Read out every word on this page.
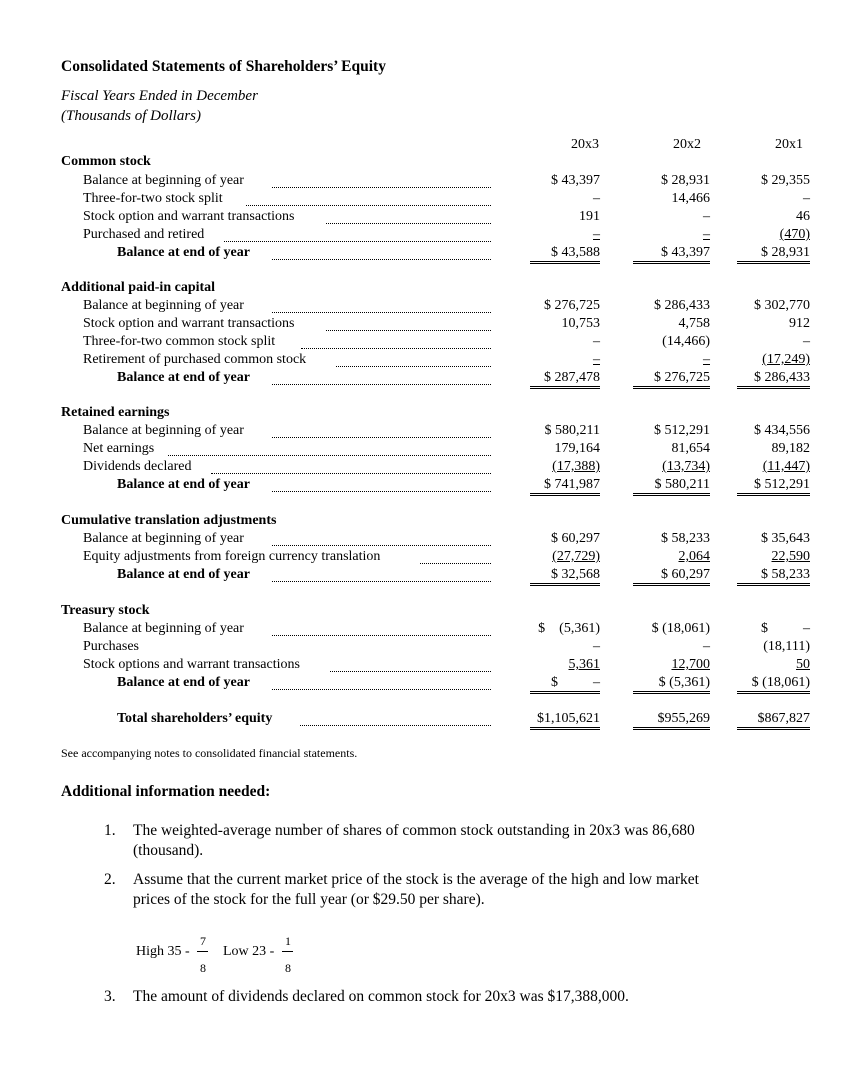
Consolidated Statements of Shareholders’ Equity
Fiscal Years Ended in December
(Thousands of Dollars)
20x3	20x2	20x1
Common stock
Balance at beginning of year	$ 43,397	$ 28,931	$ 29,355
Three-for-two stock split	–	14,466	–
Stock option and warrant transactions	191	–	46
Purchased and retired	–	–	(470)
Balance at end of year	$ 43,588	$ 43,397	$ 28,931
Additional paid-in capital
Balance at beginning of year	$ 276,725	$ 286,433	$ 302,770
Stock option and warrant transactions	10,753	4,758	912
Three-for-two common stock split	–	(14,466)	–
Retirement of purchased common stock	–	–	(17,249)
Balance at end of year	$ 287,478	$ 276,725	$ 286,433
Retained earnings
Balance at beginning of year	$ 580,211	$ 512,291	$ 434,556
Net earnings	179,164	81,654	89,182
Dividends declared	(17,388)	(13,734)	(11,447)
Balance at end of year	$ 741,987	$ 580,211	$ 512,291
Cumulative translation adjustments
Balance at beginning of year	$ 60,297	$ 58,233	$ 35,643
Equity adjustments from foreign currency translation	(27,729)	2,064	22,590
Balance at end of year	$ 32,568	$ 60,297	$ 58,233
Treasury stock
Balance at beginning of year	$    (5,361)	$ (18,061)	$          –
Purchases	–	–	(18,111)
Stock options and warrant transactions	5,361	12,700	50
Balance at end of year	$          –	$ (5,361)	$ (18,061)
Total shareholders’ equity	$1,105,621	$955,269	$867,827
See accompanying notes to consolidated financial statements.
Additional information needed:
1. The weighted-average number of shares of common stock outstanding in 20x3 was 86,680
(thousand).
2. Assume that the current market price of the stock is the average of the high and low market
prices of the stock for the full year (or $29.50 per share).
High 35 -
7
8
Low 23 -
1
8
3. The amount of dividends declared on common stock for 20x3 was $17,388,000.
